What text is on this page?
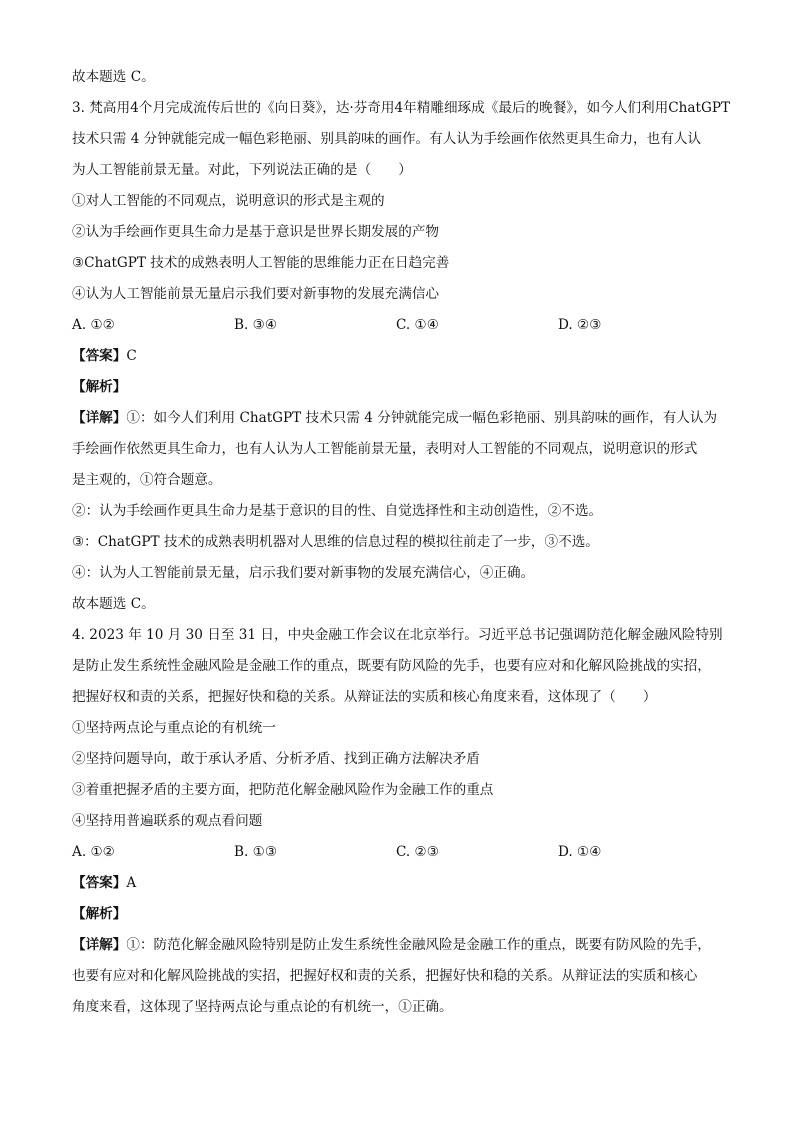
故本题选 C。
3. 梵高用4个月完成流传后世的《向日葵》，达·芬奇用4年精雕细琢成《最后的晚餐》，如今人们利用ChatGPT
技术只需 4 分钟就能完成一幅色彩艳丽、别具韵味的画作。有人认为手绘画作依然更具生命力，也有人认
为人工智能前景无量。对此，下列说法正确的是（　　）
①对人工智能的不同观点，说明意识的形式是主观的
②认为手绘画作更具生命力是基于意识是世界长期发展的产物
③ChatGPT 技术的成熟表明人工智能的思维能力正在日趋完善
④认为人工智能前景无量启示我们要对新事物的发展充满信心
A. ①②	B. ③④	C. ①④	D. ②③
【答案】C
【解析】
【详解】①：如今人们利用 ChatGPT 技术只需 4 分钟就能完成一幅色彩艳丽、别具韵味的画作，有人认为
手绘画作依然更具生命力，也有人认为人工智能前景无量，表明对人工智能的不同观点，说明意识的形式
是主观的，①符合题意。
②：认为手绘画作更具生命力是基于意识的目的性、自觉选择性和主动创造性，②不选。
③：ChatGPT 技术的成熟表明机器对人思维的信息过程的模拟往前走了一步，③不选。
④：认为人工智能前景无量，启示我们要对新事物的发展充满信心，④正确。
故本题选 C。
4. 2023 年 10 月 30 日至 31 日，中央金融工作会议在北京举行。习近平总书记强调防范化解金融风险特别
是防止发生系统性金融风险是金融工作的重点，既要有防风险的先手，也要有应对和化解风险挑战的实招，
把握好权和责的关系，把握好快和稳的关系。从辩证法的实质和核心角度来看，这体现了（　　）
①坚持两点论与重点论的有机统一
②坚持问题导向，敢于承认矛盾、分析矛盾、找到正确方法解决矛盾
③着重把握矛盾的主要方面，把防范化解金融风险作为金融工作的重点
④坚持用普遍联系的观点看问题
A. ①②	B. ①③	C. ②③	D. ①④
【答案】A
【解析】
【详解】①：防范化解金融风险特别是防止发生系统性金融风险是金融工作的重点，既要有防风险的先手，
也要有应对和化解风险挑战的实招，把握好权和责的关系，把握好快和稳的关系。从辩证法的实质和核心
角度来看，这体现了坚持两点论与重点论的有机统一，①正确。
